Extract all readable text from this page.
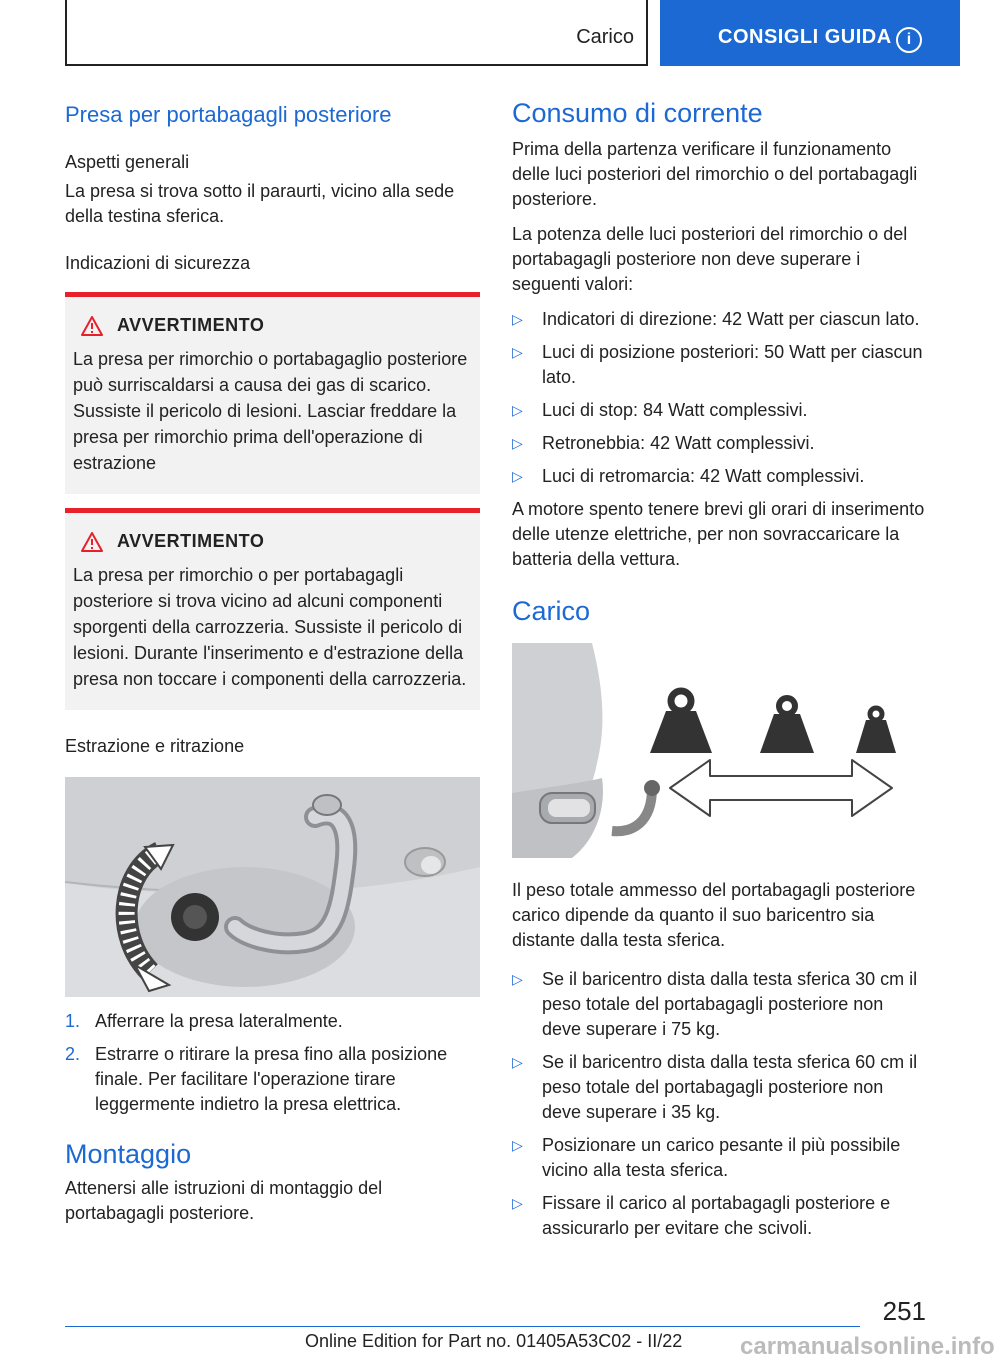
Carico	CONSIGLI GUIDA i
Presa per portabagagli posteriore
Aspetti generali

La presa si trova sotto il paraurti, vicino alla sede della testina sferica.

Indicazioni di sicurezza
AVVERTIMENTO
La presa per rimorchio o portabagaglio posteriore può surriscaldarsi a causa dei gas di scarico. Sussiste il pericolo di lesioni. Lasciar freddare la presa per rimorchio prima dell'operazione di estrazione
AVVERTIMENTO
La presa per rimorchio o per portabagagli posteriore si trova vicino ad alcuni componenti sporgenti della carrozzeria. Sussiste il pericolo di lesioni. Durante l'inserimento e d'estrazione della presa non toccare i componenti della carrozzeria.
Estrazione e ritrazione
1. Afferrare la presa lateralmente.
2. Estrarre o ritirare la presa fino alla posizione finale. Per facilitare l'operazione tirare leggermente indietro la presa elettrica.
Montaggio

Attenersi alle istruzioni di montaggio del portabagagli posteriore.

Consumo di corrente

Prima della partenza verificare il funzionamento delle luci posteriori del rimorchio o del portabagagli posteriore.

La potenza delle luci posteriori del rimorchio o del portabagagli posteriore non deve superare i seguenti valori:

▷	Indicatori di direzione: 42 Watt per ciascun lato.
▷	Luci di posizione posteriori: 50 Watt per ciascun lato.
▷	Luci di stop: 84 Watt complessivi.
▷	Retronebbia: 42 Watt complessivi.
▷	Luci di retromarcia: 42 Watt complessivi.

A motore spento tenere brevi gli orari di inserimento delle utenze elettriche, per non sovraccaricare la batteria della vettura.

Carico

Il peso totale ammesso del portabagagli posteriore carico dipende da quanto il suo baricentro sia distante dalla testa sferica.

▷	Se il baricentro dista dalla testa sferica 30 cm il peso totale del portabagagli posteriore non deve superare i 75 kg.
▷	Se il baricentro dista dalla testa sferica 60 cm il peso totale del portabagagli posteriore non deve superare i 35 kg.
▷	Posizionare un carico pesante il più possibile vicino alla testa sferica.
▷	Fissare il carico al portabagagli posteriore e assicurarlo per evitare che scivoli.
251
Online Edition for Part no. 01405A53C02 - II/22 carmanualsonline.info
